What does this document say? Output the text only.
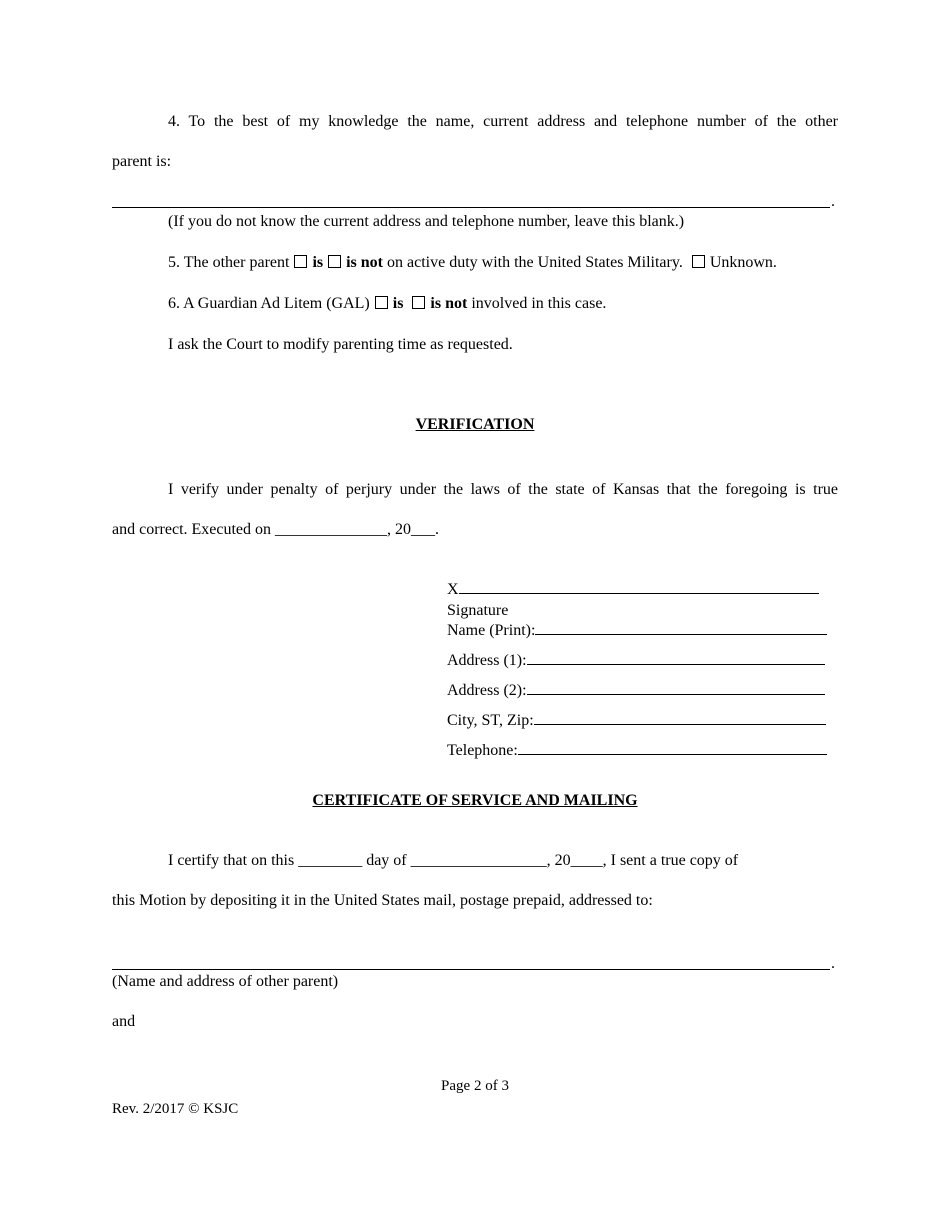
4. To the best of my knowledge the name, current address and telephone number of the other
parent is:
.
(If you do not know the current address and telephone number, leave this blank.)
5. The other parent is is not on active duty with the United States Military. Unknown.
6. A Guardian Ad Litem (GAL) is is not involved in this case.
I ask the Court to modify parenting time as requested.
VERIFICATION
I verify under penalty of perjury under the laws of the state of Kansas that the foregoing is true
and correct. Executed on ______________, 20___.
X
Signature
Name (Print):
Address (1):
Address (2):
City, ST, Zip:
Telephone:
CERTIFICATE OF SERVICE AND MAILING
I certify that on this ________ day of _________________, 20____, I sent a true copy of
this Motion by depositing it in the United States mail, postage prepaid, addressed to:
.
(Name and address of other parent)
and
Page 2 of 3
Rev. 2/2017 © KSJC
